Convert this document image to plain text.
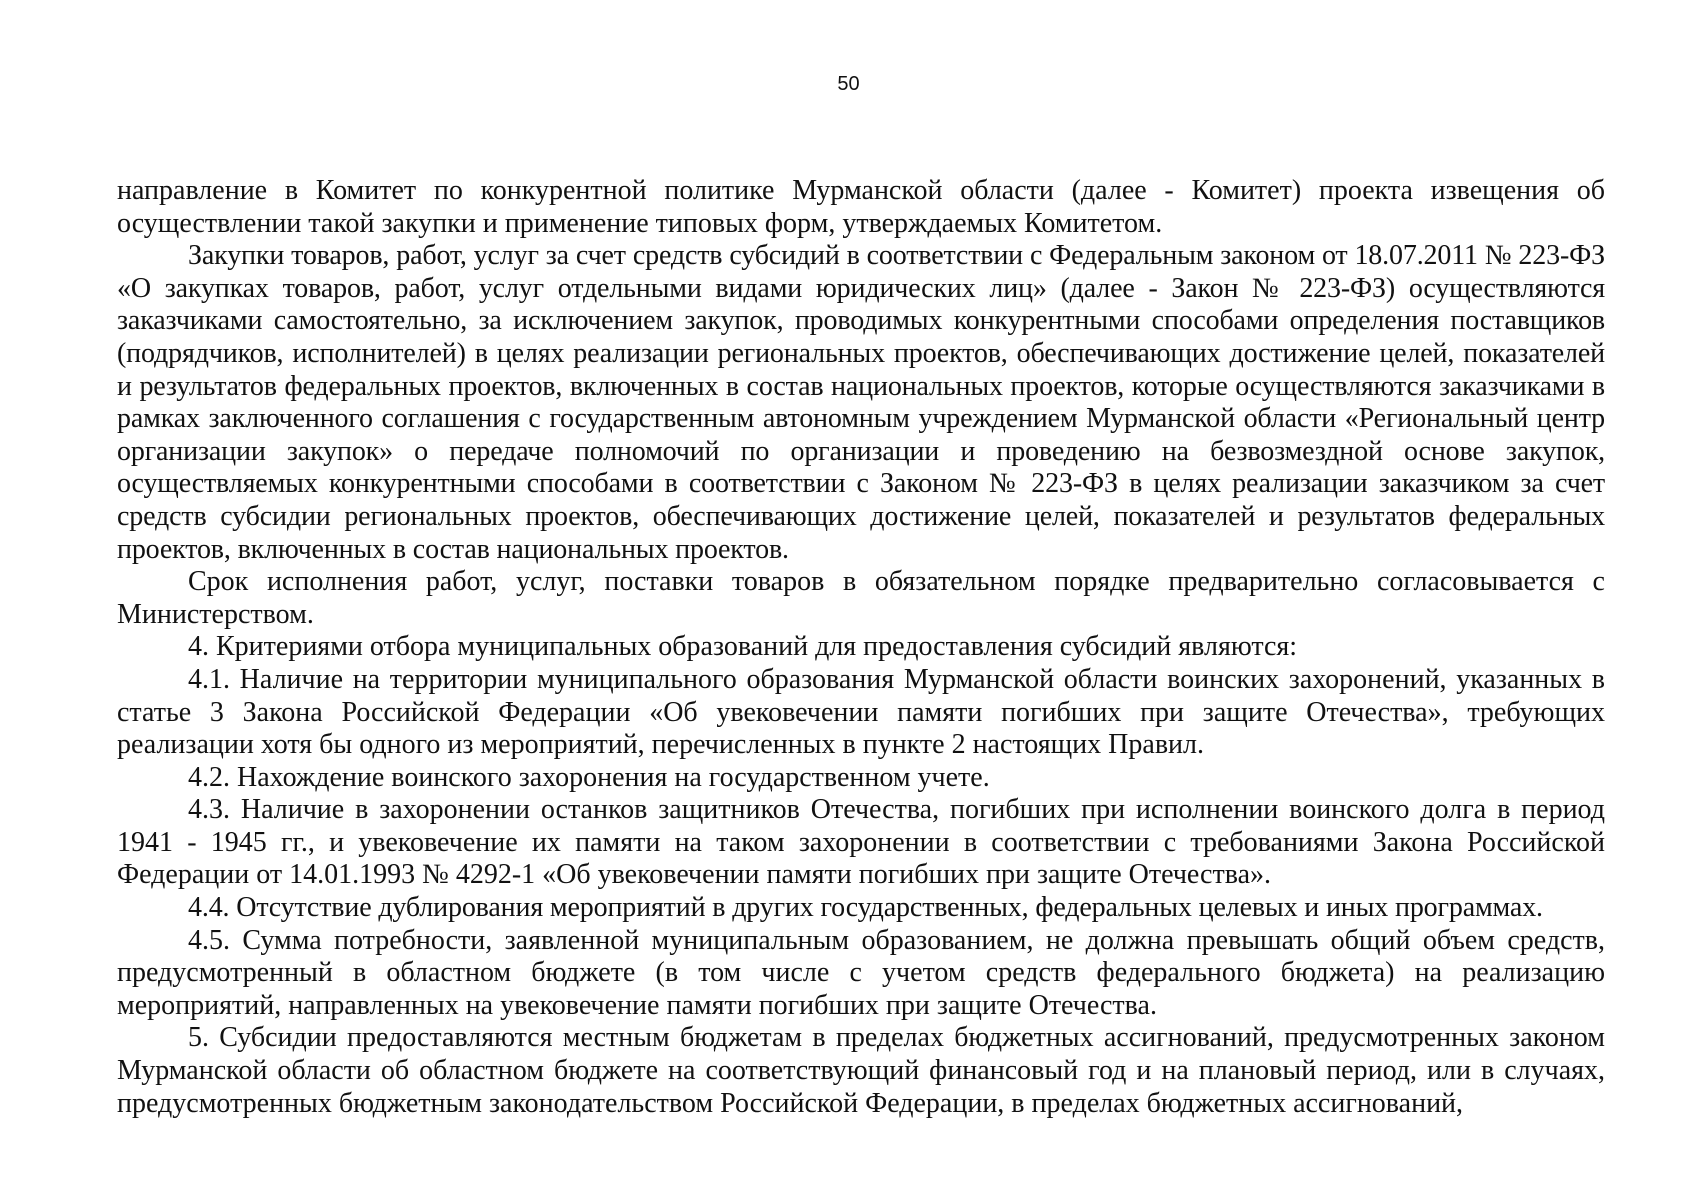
50

направление в Комитет по конкурентной политике Мурманской области (далее - Комитет) проекта извещения об осуществлении такой закупки и применение типовых форм, утверждаемых Комитетом.

Закупки товаров, работ, услуг за счет средств субсидий в соответствии с Федеральным законом от 18.07.2011 № 223-ФЗ «О закупках товаров, работ, услуг отдельными видами юридических лиц» (далее - Закон № 223-ФЗ) осуществляются заказчиками самостоятельно, за исключением закупок, проводимых конкурентными способами определения поставщиков (подрядчиков, исполнителей) в целях реализации региональных проектов, обеспечивающих достижение целей, показателей и результатов федеральных проектов, включенных в состав национальных проектов, которые осуществляются заказчиками в рамках заключенного соглашения с государственным автономным учреждением Мурманской области «Региональный центр организации закупок» о передаче полномочий по организации и проведению на безвозмездной основе закупок, осуществляемых конкурентными способами в соответствии с Законом № 223-ФЗ в целях реализации заказчиком за счет средств субсидии региональных проектов, обеспечивающих достижение целей, показателей и результатов федеральных проектов, включенных в состав национальных проектов.

Срок исполнения работ, услуг, поставки товаров в обязательном порядке предварительно согласовывается с Министерством.

4. Критериями отбора муниципальных образований для предоставления субсидий являются:

4.1. Наличие на территории муниципального образования Мурманской области воинских захоронений, указанных в статье 3 Закона Российской Федерации «Об увековечении памяти погибших при защите Отечества», требующих реализации хотя бы одного из мероприятий, перечисленных в пункте 2 настоящих Правил.

4.2. Нахождение воинского захоронения на государственном учете.

4.3. Наличие в захоронении останков защитников Отечества, погибших при исполнении воинского долга в период 1941 - 1945 гг., и увековечение их памяти на таком захоронении в соответствии с требованиями Закона Российской Федерации от 14.01.1993 № 4292-1 «Об увековечении памяти погибших при защите Отечества».

4.4. Отсутствие дублирования мероприятий в других государственных, федеральных целевых и иных программах.

4.5. Сумма потребности, заявленной муниципальным образованием, не должна превышать общий объем средств, предусмотренный в областном бюджете (в том числе с учетом средств федерального бюджета) на реализацию мероприятий, направленных на увековечение памяти погибших при защите Отечества.

5. Субсидии предоставляются местным бюджетам в пределах бюджетных ассигнований, предусмотренных законом Мурманской области об областном бюджете на соответствующий финансовый год и на плановый период, или в случаях, предусмотренных бюджетным законодательством Российской Федерации, в пределах бюджетных ассигнований,
